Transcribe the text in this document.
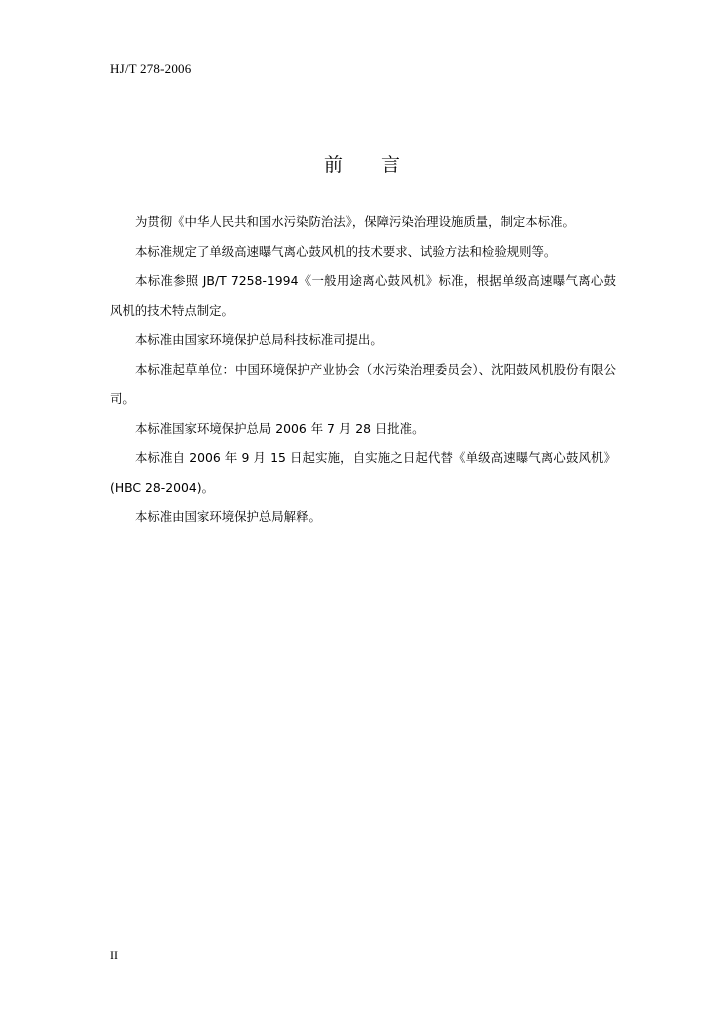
HJ/T 278-2006
前言

为贯彻《中华人民共和国水污染防治法》，保障污染治理设施质量，制定本标准。

本标准规定了单级高速曝气离心鼓风机的技术要求、试验方法和检验规则等。

本标准参照 JB/T 7258-1994《一般用途离心鼓风机》标准，根据单级高速曝气离心鼓风机的技术特点制定。

本标准由国家环境保护总局科技标准司提出。

本标准起草单位：中国环境保护产业协会（水污染治理委员会）、沈阳鼓风机股份有限公司。

本标准国家环境保护总局 2006 年 7 月 28 日批准。

本标准自 2006 年 9 月 15 日起实施，自实施之日起代替《单级高速曝气离心鼓风机》(HBC 28-2004)。

本标准由国家环境保护总局解释。

II
